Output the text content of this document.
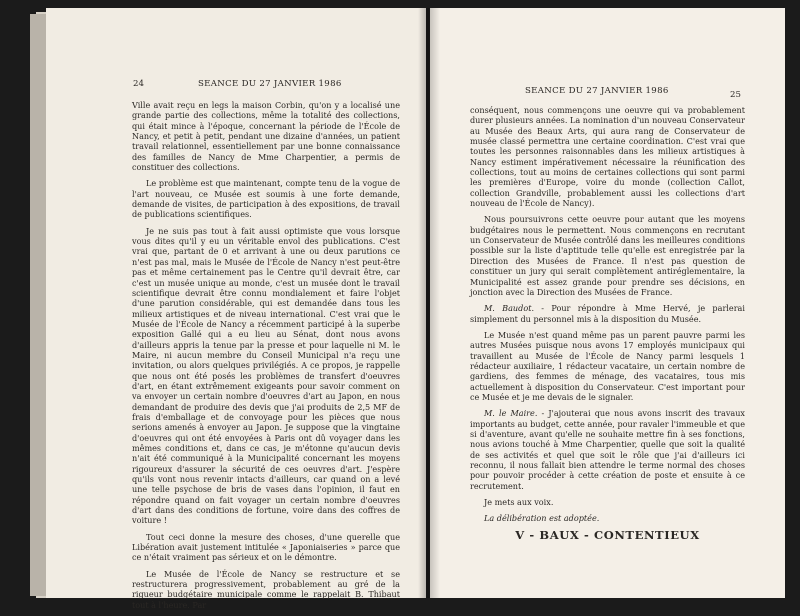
24	SEANCE DU 27 JANVIER 1986

Ville avait reçu en legs la maison Corbin, qu'on y a localisé une grande partie des collections, même la totalité des collections, qui était mince à l'époque, concernant la période de l'École de Nancy, et petit à petit, pendant une dizaine d'années, un patient travail relationnel, essentiellement par une bonne connaissance des familles de Nancy de Mme Charpentier, a permis de constituer des collections.

Le problème est que maintenant, compte tenu de la vogue de l'art nouveau, ce Musée est soumis à une forte demande, demande de visites, de participation à des expositions, de travail de publications scientifiques.

Je ne suis pas tout à fait aussi optimiste que vous lorsque vous dites qu'il y eu un véritable envol des publications. C'est vrai que, partant de 0 et arrivant à une ou deux parutions ce n'est pas mal, mais le Musée de l'École de Nancy n'est peut-être pas et même certainement pas le Centre qu'il devrait être, car c'est un musée unique au monde, c'est un musée dont le travail scientifique devrait être connu mondialement et faire l'objet d'une parution considérable, qui est demandée dans tous les milieux artistiques et de niveau international. C'est vrai que le Musée de l'École de Nancy a récemment participé à la superbe exposition Gallé qui a eu lieu au Sénat, dont nous avons d'ailleurs appris la tenue par la presse et pour laquelle ni M. le Maire, ni aucun membre du Conseil Municipal n'a reçu une invitation, ou alors quelques privilégiés. A ce propos, je rappelle que nous ont été posés les problèmes de transfert d'oeuvres d'art, en étant extrêmement exigeants pour savoir comment on va envoyer un certain nombre d'oeuvres d'art au Japon, en nous demandant de produire des devis que j'ai produits de 2,5 MF de frais d'emballage et de convoyage pour les pièces que nous serions amenés à envoyer au Japon. Je suppose que la vingtaine d'oeuvres qui ont été envoyées à Paris ont dû voyager dans les mêmes conditions et, dans ce cas, je m'étonne qu'aucun devis n'ait été communiqué à la Municipalité concernant les moyens rigoureux d'assurer la sécurité de ces oeuvres d'art. J'espère qu'ils vont nous revenir intacts d'ailleurs, car quand on a levé une telle psychose de bris de vases dans l'opinion, il faut en répondre quand on fait voyager un certain nombre d'oeuvres d'art dans des conditions de fortune, voire dans des coffres de voiture !

Tout ceci donne la mesure des choses, d'une querelle que Libération avait justement intitulée « Japoniaiseries » parce que ce n'était vraiment pas sérieux et on le démontre.

Le Musée de l'École de Nancy se restructure et se restructurera progressivement, probablement au gré de la rigueur budgétaire municipale comme le rappelait B. Thibaut tout à l'heure. Par

SEANCE DU 27 JANVIER 1986	25

conséquent, nous commençons une oeuvre qui va probablement durer plusieurs années. La nomination d'un nouveau Conservateur au Musée des Beaux Arts, qui aura rang de Conservateur de musée classé permettra une certaine coordination. C'est vrai que toutes les personnes raisonnables dans les milieux artistiques à Nancy estiment impérativement nécessaire la réunification des collections, tout au moins de certaines collections qui sont parmi les premières d'Europe, voire du monde (collection Callot, collection Grandville, probablement aussi les collections d'art nouveau de l'École de Nancy).

Nous poursuivrons cette oeuvre pour autant que les moyens budgétaires nous le permettent. Nous commençons en recrutant un Conservateur de Musée contrôlé dans les meilleures conditions possible sur la liste d'aptitude telle qu'elle est enregistrée par la Direction des Musées de France. Il n'est pas question de constituer un jury qui serait complètement antiréglementaire, la Municipalité est assez grande pour prendre ses décisions, en jonction avec la Direction des Musées de France.

M. Baudot. - Pour répondre à Mme Hervé, je parlerai simplement du personnel mis à la disposition du Musée.

Le Musée n'est quand même pas un parent pauvre parmi les autres Musées puisque nous avons 17 employés municipaux qui travaillent au Musée de l'École de Nancy parmi lesquels 1 rédacteur auxiliaire, 1 rédacteur vacataire, un certain nombre de gardiens, des femmes de ménage, des vacataires, tous mis actuellement à disposition du Conservateur. C'est important pour ce Musée et je me devais de le signaler.

M. le Maire. - J'ajouterai que nous avons inscrit des travaux importants au budget, cette année, pour ravaler l'immeuble et que si d'aventure, avant qu'elle ne souhaite mettre fin à ses fonctions, nous avions touché à Mme Charpentier, quelle que soit la qualité de ses activités et quel que soit le rôle que j'ai d'ailleurs ici reconnu, il nous fallait bien attendre le terme normal des choses pour pouvoir procéder à cette création de poste et ensuite à ce recrutement.

Je mets aux voix.

La délibération est adoptée.

V - BAUX - CONTENTIEUX
